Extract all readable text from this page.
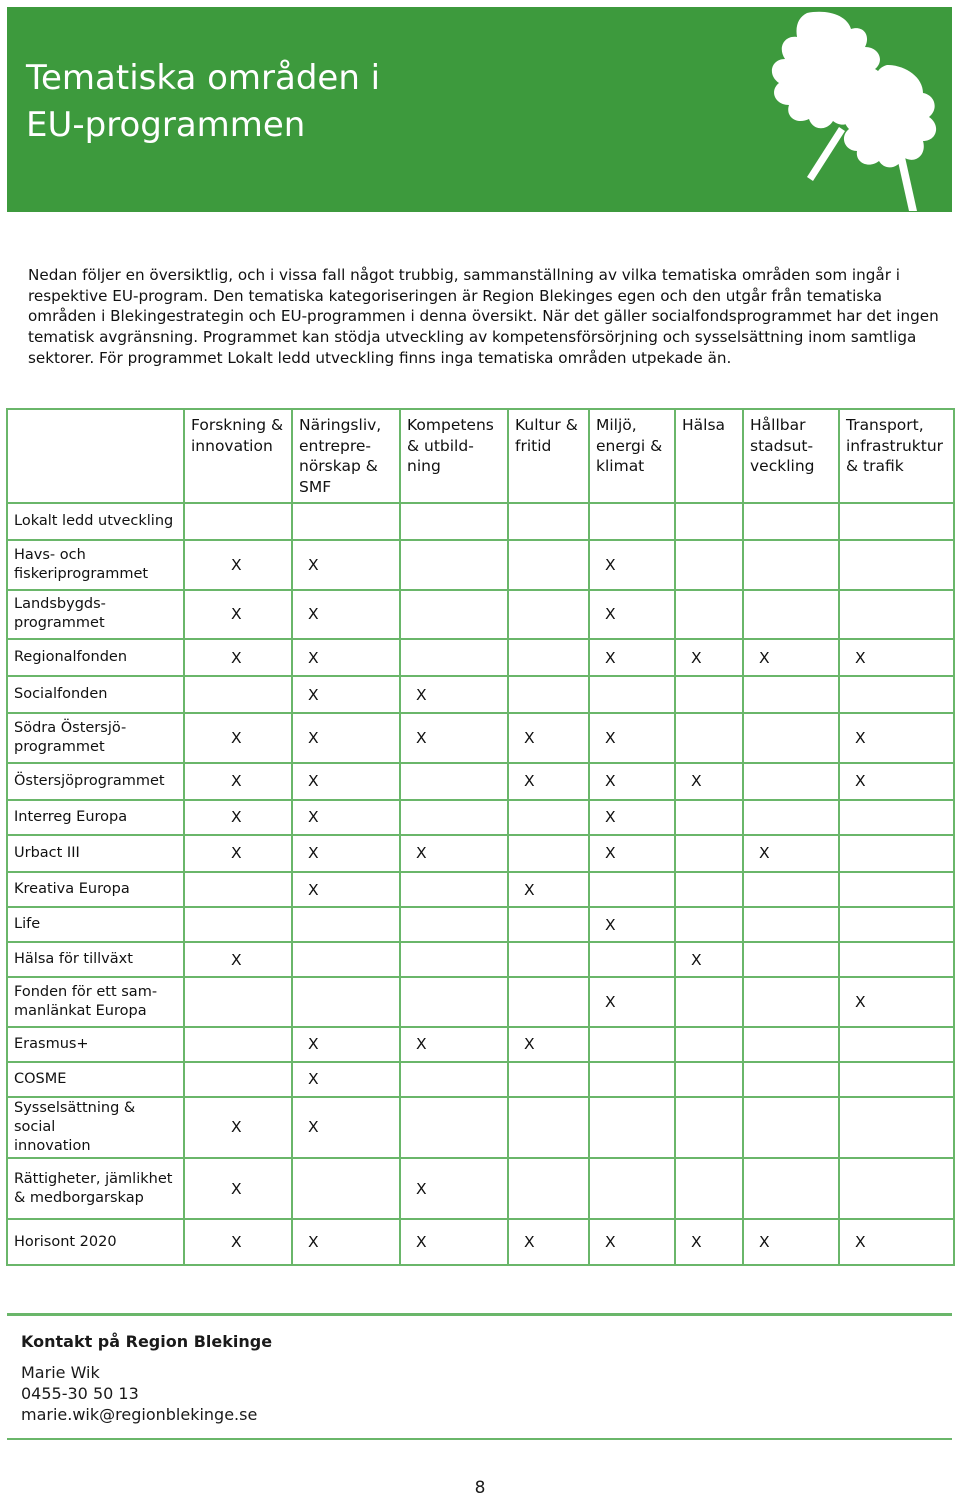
Tematiska områden i
EU-programmen

Nedan följer en översiktlig, och i vissa fall något trubbig, sammanställning av vilka tematiska områden som ingår i respektive EU-program. Den tematiska kategoriseringen är Region Blekinges egen och den utgår från tematiska områden i Blekingestrategin och EU-programmen i denna översikt. När det gäller socialfondsprogrammet har det ingen tematisk avgränsning. Programmet kan stödja utveckling av kompetensförsörjning och sysselsättning inom samtliga sektorer. För programmet Lokalt ledd utveckling finns inga tematiska områden utpekade än.

	Forskning &
innovation	Näringsliv,
entrepre-
nörskap &
SMF	Kompetens
& utbild-
ning	Kultur &
fritid	Miljö,
energi &
klimat	Hälsa	Hållbar
stadsut-
veckling	Transport,
infrastruktur
& trafik
Lokalt ledd utveckling								
Havs- och
fiskeriprogrammet	X	X			X			
Landsbygds-
programmet	X	X			X			
Regionalfonden	X	X			X	X	X	X
Socialfonden		X	X					
Södra Östersjö-
programmet	X	X	X	X	X			X
Östersjöprogrammet	X	X		X	X	X		X
Interreg Europa	X	X			X			
Urbact III	X	X	X		X		X	
Kreativa Europa		X		X				
Life					X			
Hälsa för tillväxt	X					X		
Fonden för ett sam-
manlänkat Europa					X			X
Erasmus+		X	X	X				
COSME		X						
Sysselsättning & social
innovation	X	X						
Rättigheter, jämlikhet
& medborgarskap	X		X					
Horisont 2020	X	X	X	X	X	X	X	X

Kontakt på Region Blekinge

Marie Wik

0455-30 50 13

marie.wik@regionblekinge.se

8
